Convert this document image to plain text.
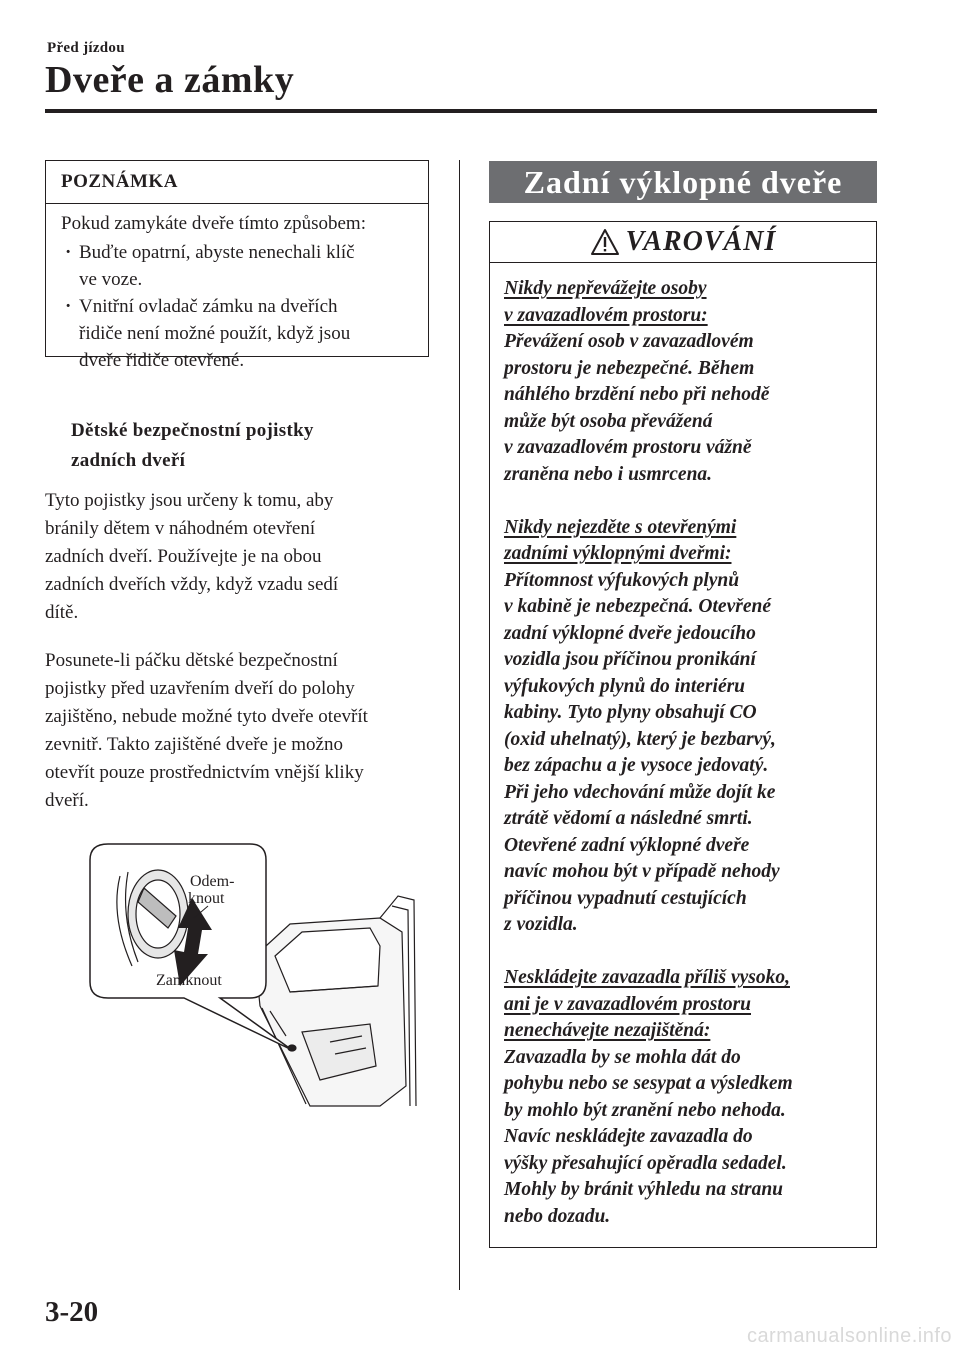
Před jízdou
Dveře a zámky
POZNÁMKA
Pokud zamykáte dveře tímto způsobem:
· Buďte opatrní, abyste nenechali klíč
ve voze.
· Vnitřní ovladač zámku na dveřích
řidiče není možné použít, když jsou
dveře řidiče otevřené.
Dětské bezpečnostní pojistky
zadních dveří
Tyto pojistky jsou určeny k tomu, aby
bránily dětem v náhodném otevření
zadních dveří. Používejte je na obou
zadních dveřích vždy, když vzadu sedí
dítě.
Posunete-li páčku dětské bezpečnostní
pojistky před uzavřením dveří do polohy
zajištěno, nebude možné tyto dveře otevřít
zevnitř. Takto zajištěné dveře je možno
otevřít pouze prostřednictvím vnější kliky
dveří.
Odem-knout
Zamknout
Zadní výklopné dveře
VAROVÁNÍ

Nikdy nepřevážejte osoby
v zavazadlovém prostoru:
Převážení osob v zavazadlovém
prostoru je nebezpečné. Během
náhlého brzdění nebo při nehodě
může být osoba převážená
v zavazadlovém prostoru vážně
zraněna nebo i usmrcena.

Nikdy nejezděte s otevřenými
zadními výklopnými dveřmi:
Přítomnost výfukových plynů
v kabině je nebezpečná. Otevřené
zadní výklopné dveře jedoucího
vozidla jsou příčinou pronikání
výfukových plynů do interiéru
kabiny. Tyto plyny obsahují CO
(oxid uhelnatý), který je bezbarvý,
bez zápachu a je vysoce jedovatý.
Při jeho vdechování může dojít ke
ztrátě vědomí a následné smrti.
Otevřené zadní výklopné dveře
navíc mohou být v případě nehody
příčinou vypadnutí cestujících
z vozidla.

Neskládejte zavazadla příliš vysoko,
ani je v zavazadlovém prostoru
nenechávejte nezajištěná:
Zavazadla by se mohla dát do
pohybu nebo se sesypat a výsledkem
by mohlo být zranění nebo nehoda.
Navíc neskládejte zavazadla do
výšky přesahující opěradla sedadel.
Mohly by bránit výhledu na stranu
nebo dozadu.

3-20
carmanualsonline.info
